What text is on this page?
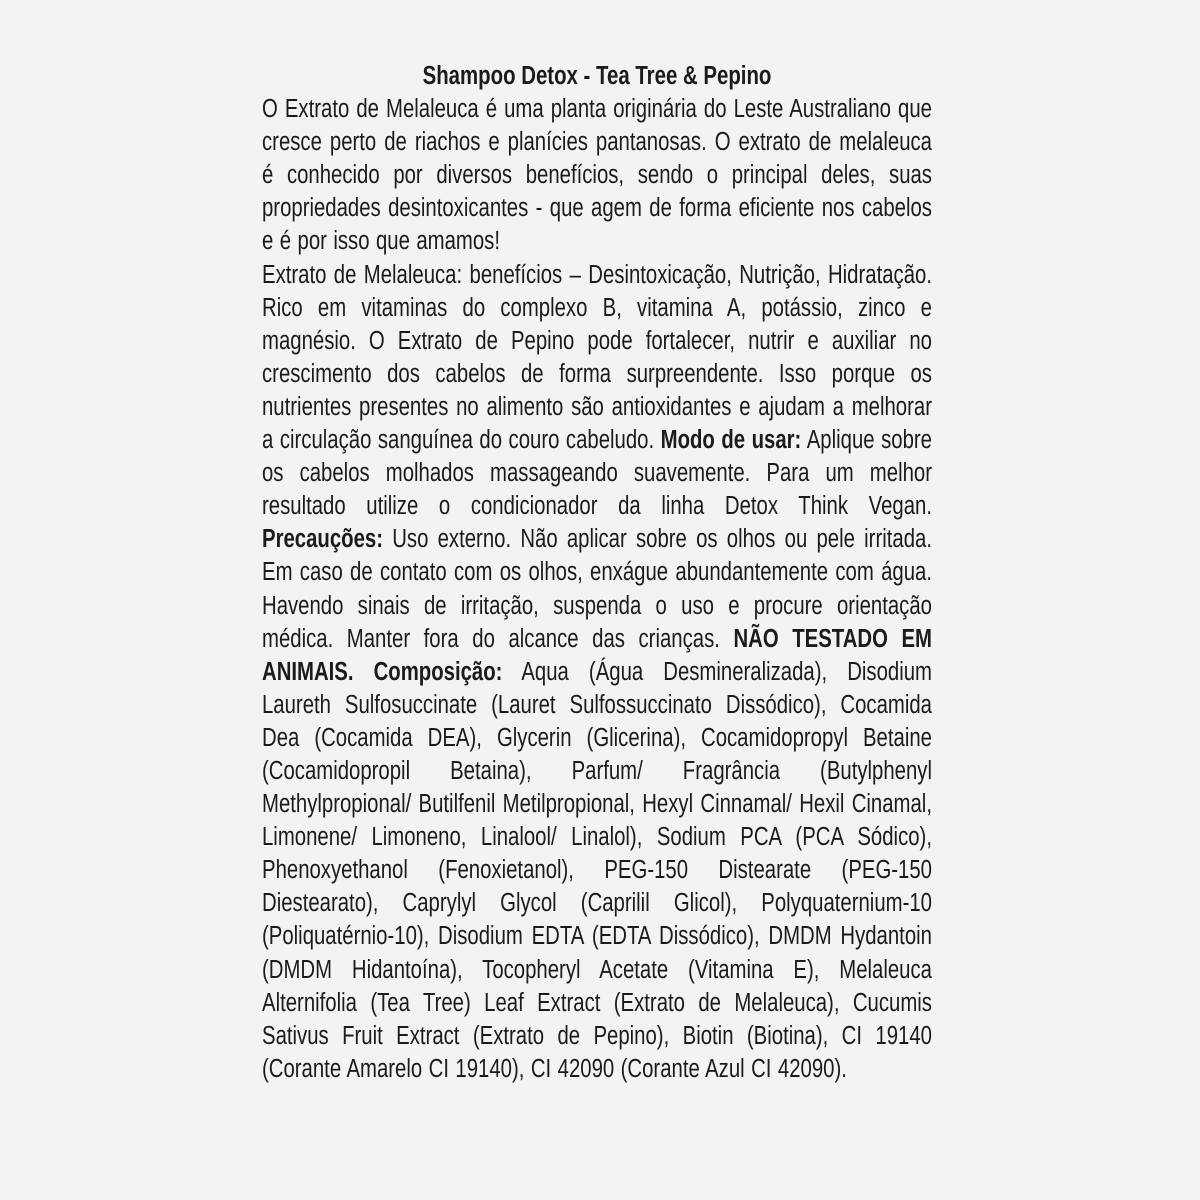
Shampoo Detox - Tea Tree & Pepino

O Extrato de Melaleuca é uma planta originária do Leste Australiano que cresce perto de riachos e planícies pantanosas. O extrato de melaleuca é conhecido por diversos benefícios, sendo o principal deles, suas propriedades desintoxicantes - que agem de forma eficiente nos cabelos e é por isso que amamos!

Extrato de Melaleuca: benefícios – Desintoxicação, Nutrição, Hidratação. Rico em vitaminas do complexo B, vitamina A, potássio, zinco e magnésio. O Extrato de Pepino pode fortalecer, nutrir e auxiliar no crescimento dos cabelos de forma surpreendente. Isso porque os nutrientes presentes no alimento são antioxidantes e ajudam a melhorar a circulação sanguínea do couro cabeludo. Modo de usar: Aplique sobre os cabelos molhados massageando suavemente. Para um melhor resultado utilize o condicionador da linha Detox Think Vegan. Precauções: Uso externo. Não aplicar sobre os olhos ou pele irritada. Em caso de contato com os olhos, enxágue abundantemente com água. Havendo sinais de irritação, suspenda o uso e procure orientação médica. Manter fora do alcance das crianças. NÃO TESTADO EM ANIMAIS. Composição: Aqua (Água Desmineralizada), Disodium Laureth Sulfosuccinate (Lauret Sulfossuccinato Dissódico), Cocamida Dea (Cocamida DEA), Glycerin (Glicerina), Cocamidopropyl Betaine (Cocamidopropil Betaina), Parfum/ Fragrância (Butylphenyl Methylpropional/ Butilfenil Metilpropional, Hexyl Cinnamal/ Hexil Cinamal, Limonene/ Limoneno, Linalool/ Linalol), Sodium PCA (PCA Sódico), Phenoxyethanol (Fenoxietanol), PEG-150 Distearate (PEG-150 Diestearato), Caprylyl Glycol (Caprilil Glicol), Polyquaternium-10 (Poliquatérnio-10), Disodium EDTA (EDTA Dissódico), DMDM Hydantoin (DMDM Hidantoína), Tocopheryl Acetate (Vitamina E), Melaleuca Alternifolia (Tea Tree) Leaf Extract (Extrato de Melaleuca), Cucumis Sativus Fruit Extract (Extrato de Pepino), Biotin (Biotina), CI 19140 (Corante Amarelo CI 19140), CI 42090 (Corante Azul CI 42090).
